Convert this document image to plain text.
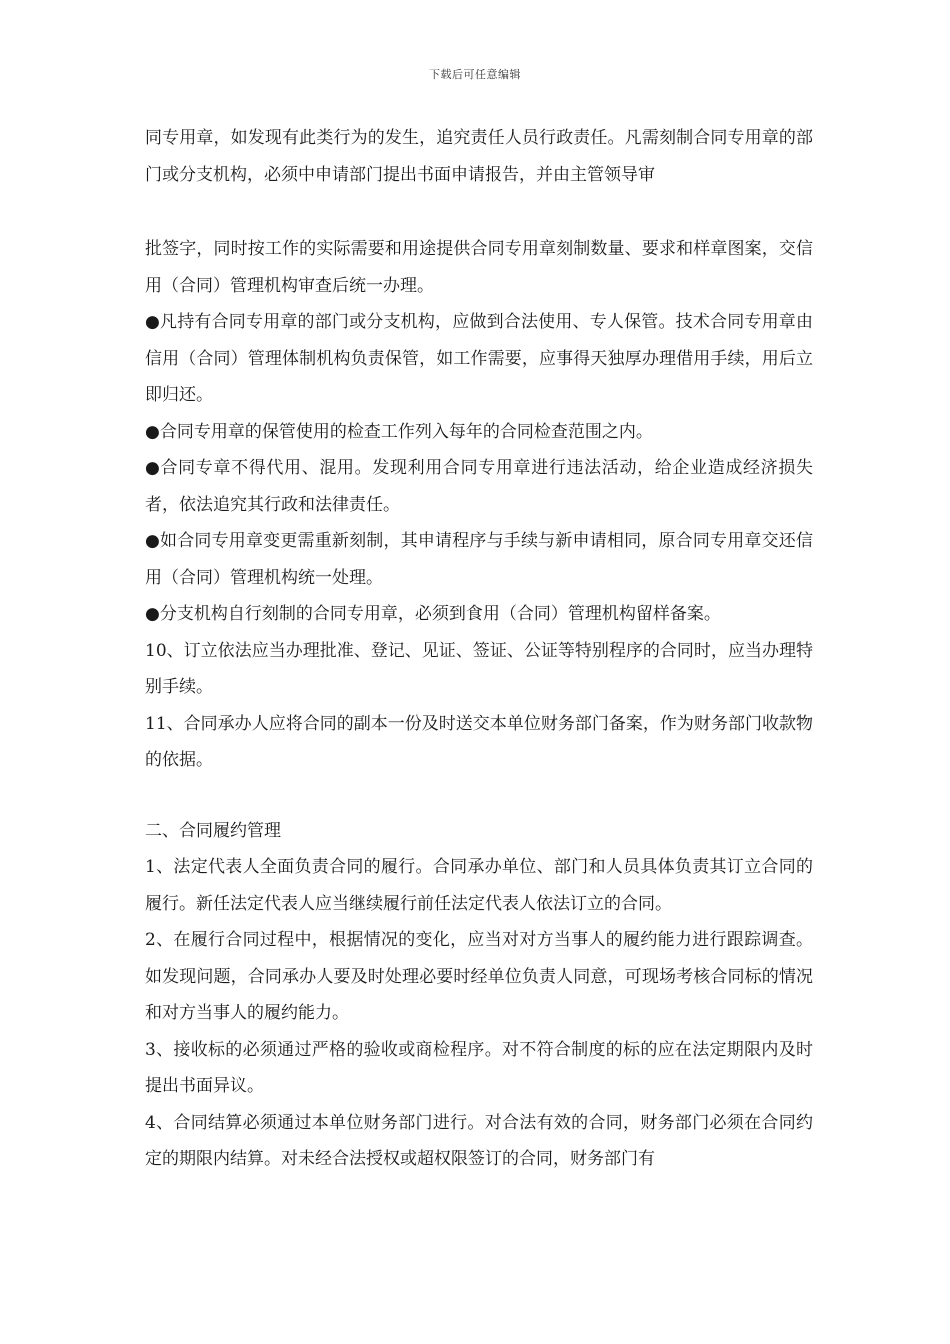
下载后可任意编辑

同专用章，如发现有此类行为的发生，追究责任人员行政责任。凡需刻制合同专用章的部门或分支机构，必须中申请部门提出书面申请报告，并由主管领导审

批签字，同时按工作的实际需要和用途提供合同专用章刻制数量、要求和样章图案，交信用（合同）管理机构审查后统一办理。

●凡持有合同专用章的部门或分支机构，应做到合法使用、专人保管。技术合同专用章由信用（合同）管理体制机构负责保管，如工作需要，应事得天独厚办理借用手续，用后立即归还。

●合同专用章的保管使用的检查工作列入每年的合同检查范围之内。

●合同专章不得代用、混用。发现利用合同专用章进行违法活动，给企业造成经济损失者，依法追究其行政和法律责任。

●如合同专用章变更需重新刻制，其申请程序与手续与新申请相同，原合同专用章交还信用（合同）管理机构统一处理。

●分支机构自行刻制的合同专用章，必须到食用（合同）管理机构留样备案。

10、订立依法应当办理批准、登记、见证、签证、公证等特别程序的合同时，应当办理特别手续。

11、合同承办人应将合同的副本一份及时送交本单位财务部门备案，作为财务部门收款物的依据。

二、合同履约管理

1、法定代表人全面负责合同的履行。合同承办单位、部门和人员具体负责其订立合同的履行。新任法定代表人应当继续履行前任法定代表人依法订立的合同。

2、在履行合同过程中，根据情况的变化，应当对对方当事人的履约能力进行跟踪调查。如发现问题，合同承办人要及时处理必要时经单位负责人同意，可现场考核合同标的情况和对方当事人的履约能力。

3、接收标的必须通过严格的验收或商检程序。对不符合制度的标的应在法定期限内及时提出书面异议。

4、合同结算必须通过本单位财务部门进行。对合法有效的合同，财务部门必须在合同约定的期限内结算。对未经合法授权或超权限签订的合同，财务部门有
